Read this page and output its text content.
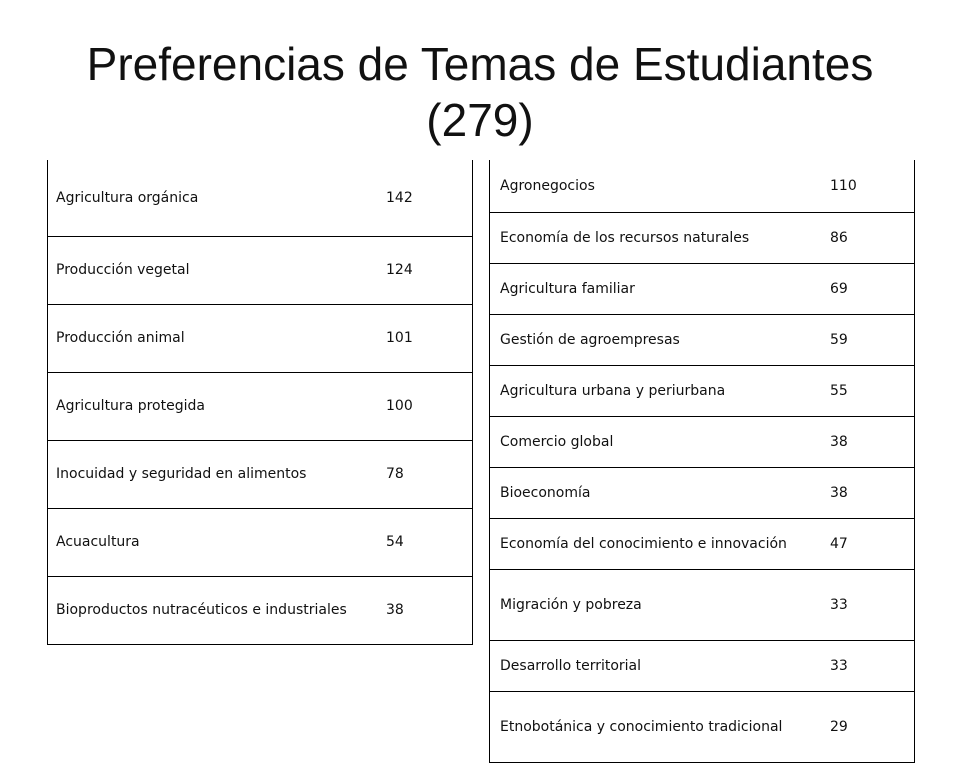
Preferencias de Temas de Estudiantes (279)
Agricultura orgánica	142
Producción vegetal	124
Producción animal	101
Agricultura protegida	100
Inocuidad y seguridad en alimentos	78
Acuacultura	54
Bioproductos nutracéuticos e industriales	38
Agronegocios	110
Economía de los recursos naturales	86
Agricultura familiar	69
Gestión de agroempresas	59
Agricultura urbana y periurbana	55
Comercio global	38
Bioeconomía	38
Economía del conocimiento e innovación	47
Migración y pobreza	33
Desarrollo territorial	33
Etnobotánica y conocimiento tradicional	29
